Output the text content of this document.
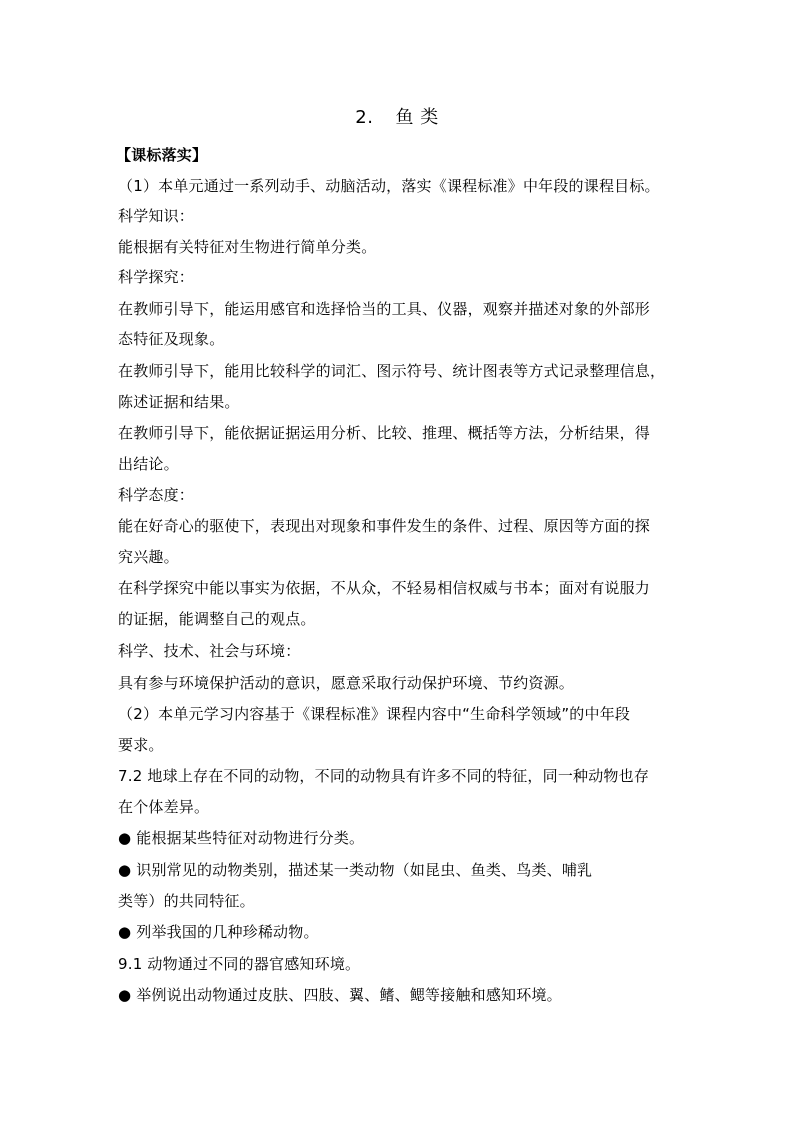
2. 鱼 类
【课标落实】
（1）本单元通过一系列动手、动脑活动，落实《课程标准》中年段的课程目标。
科学知识：
能根据有关特征对生物进行简单分类。
科学探究：
在教师引导下，能运用感官和选择恰当的工具、仪器，观察并描述对象的外部形
态特征及现象。
在教师引导下，能用比较科学的词汇、图示符号、统计图表等方式记录整理信息，
陈述证据和结果。
在教师引导下，能依据证据运用分析、比较、推理、概括等方法，分析结果，得
出结论。
科学态度：
能在好奇心的驱使下，表现出对现象和事件发生的条件、过程、原因等方面的探
究兴趣。
在科学探究中能以事实为依据，不从众，不轻易相信权威与书本；面对有说服力
的证据，能调整自己的观点。
科学、技术、社会与环境：
具有参与环境保护活动的意识，愿意采取行动保护环境、节约资源。
（2）本单元学习内容基于《课程标准》课程内容中“生命科学领域”的中年段
要求。
7.2 地球上存在不同的动物，不同的动物具有许多不同的特征，同一种动物也存
在个体差异。
● 能根据某些特征对动物进行分类。
● 识别常见的动物类别，描述某一类动物（如昆虫、鱼类、鸟类、哺乳
类等）的共同特征。
● 列举我国的几种珍稀动物。
9.1 动物通过不同的器官感知环境。
● 举例说出动物通过皮肤、四肢、翼、鳍、鳃等接触和感知环境。
